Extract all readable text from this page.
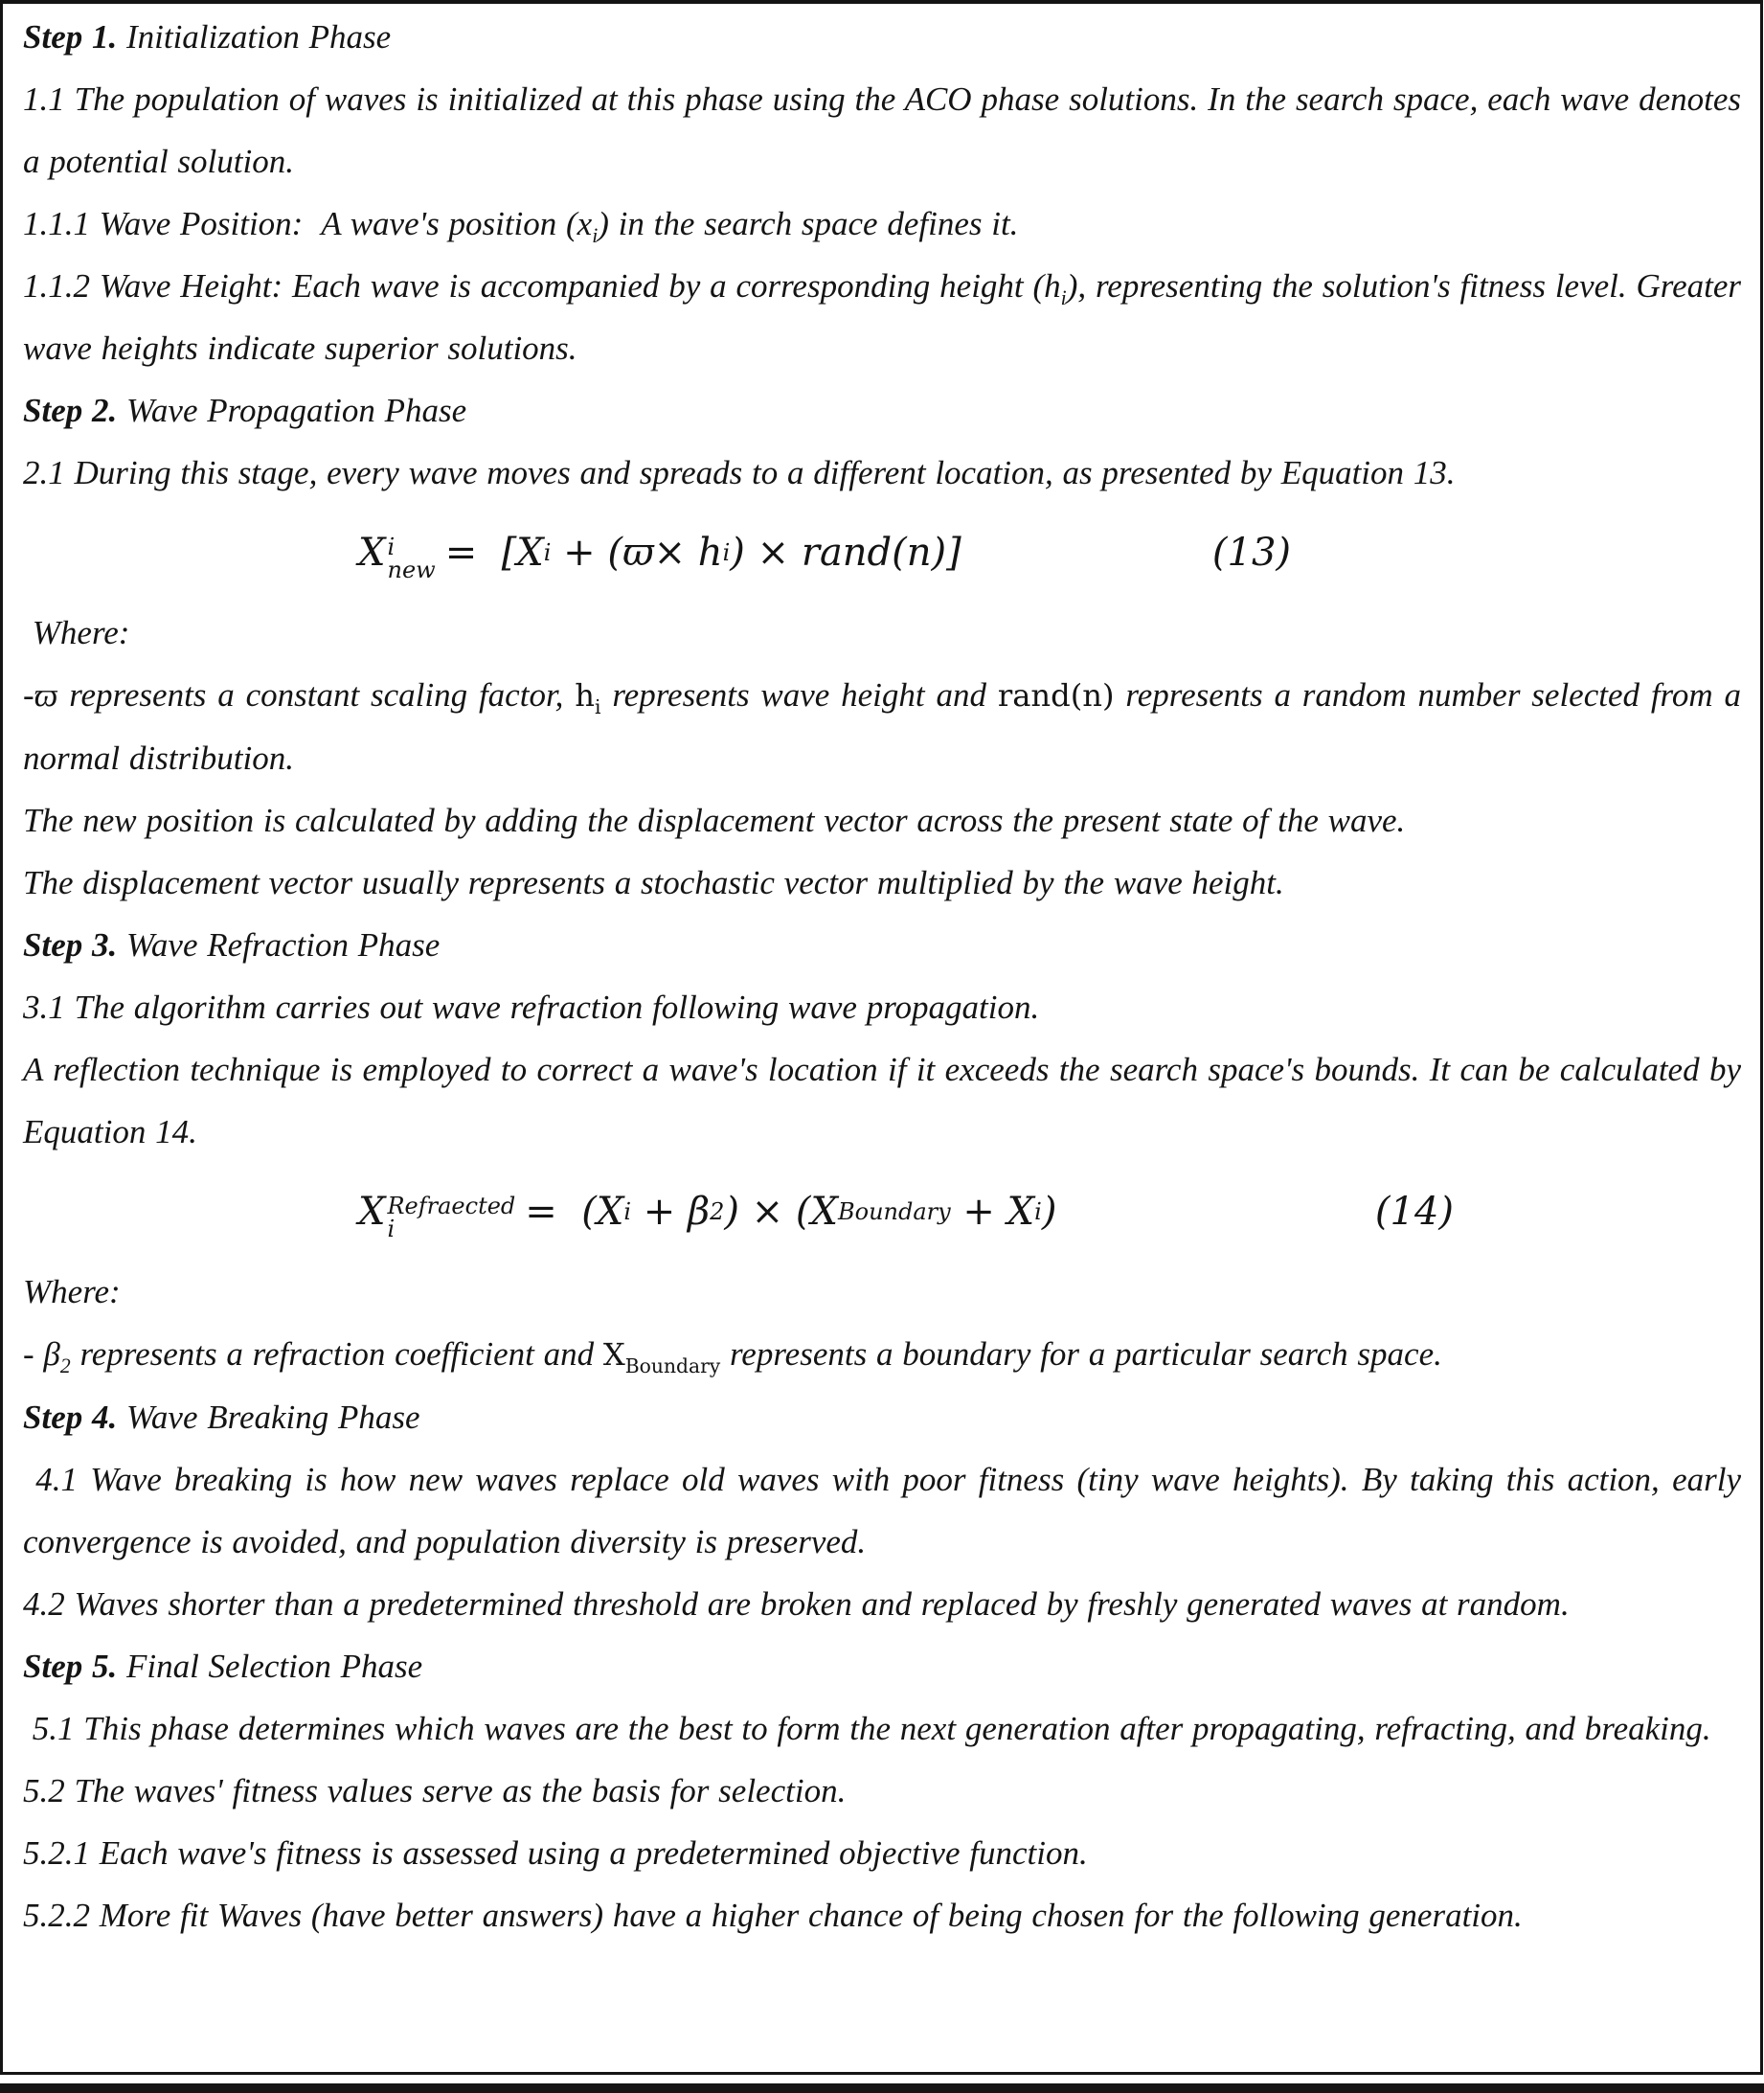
Step 1. Initialization Phase

1.1 The population of waves is initialized at this phase using the ACO phase solutions. In the search space, each wave denotes a potential solution.

1.1.1 Wave Position:  A wave's position $(x_i)$ in the search space defines it.

1.1.2 Wave Height: Each wave is accompanied by a corresponding height $(h_i)$, representing the solution's fitness level. Greater wave heights indicate superior solutions.

Step 2. Wave Propagation Phase

2.1 During this stage, every wave moves and spreads to a different location, as presented by Equation 13.

X i
new = [X i + (ϖ× h i ) × rand(n)]	(13)

Where:

-ϖ represents a constant scaling factor, $h_i$ represents wave height and rand(n) represents a random number selected from a normal distribution.

The new position is calculated by adding the displacement vector across the present state of the wave.

The displacement vector usually represents a stochastic vector multiplied by the wave height.

Step 3. Wave Refraction Phase

3.1 The algorithm carries out wave refraction following wave propagation.

A reflection technique is employed to correct a wave's location if it exceeds the search space's bounds. It can be calculated by Equation 14.

X Refraected
i	= (X i + β 2 ) × (X Boundary + X i )	(14)

Where:

- $\beta_2$ represents a refraction coefficient and $X_{Boundary}$ represents a boundary for a particular search space.

Step 4. Wave Breaking Phase

4.1 Wave breaking is how new waves replace old waves with poor fitness (tiny wave heights). By taking this action, early convergence is avoided, and population diversity is preserved.

4.2 Waves shorter than a predetermined threshold are broken and replaced by freshly generated waves at random.

Step 5. Final Selection Phase

5.1 This phase determines which waves are the best to form the next generation after propagating, refracting, and breaking.

5.2 The waves' fitness values serve as the basis for selection.

5.2.1 Each wave's fitness is assessed using a predetermined objective function.

5.2.2 More fit Waves (have better answers) have a higher chance of being chosen for the following generation.
